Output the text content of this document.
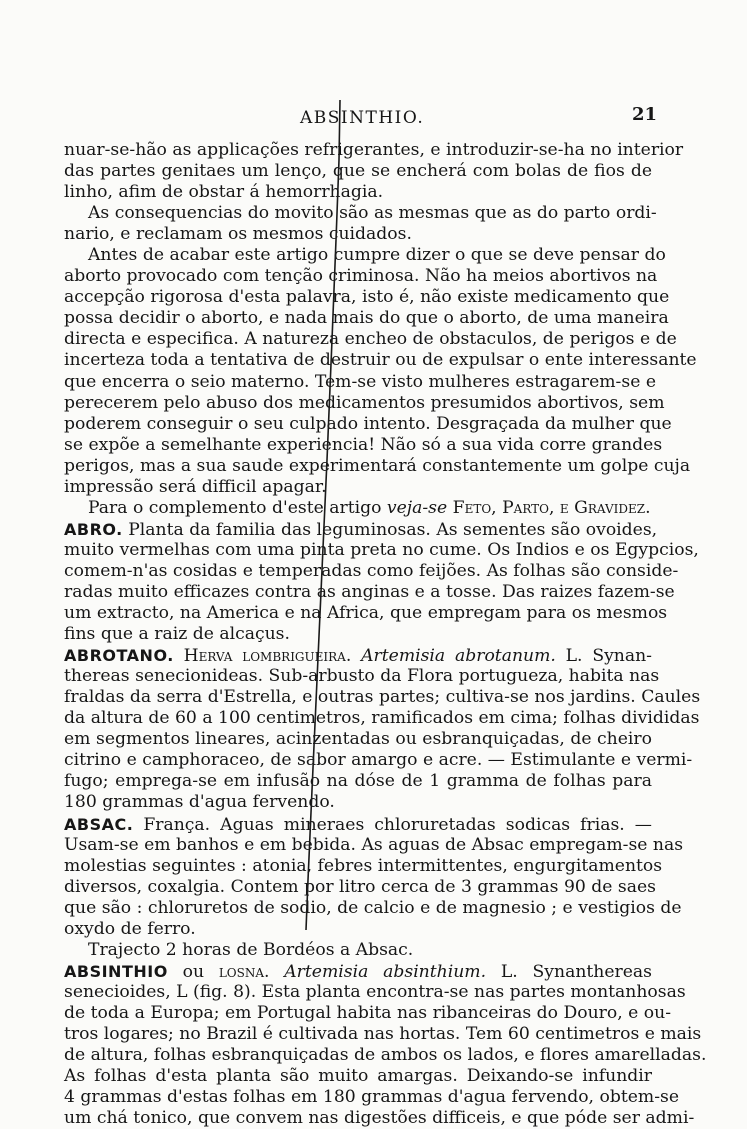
ABSINTHIO.	21
nuar-se-hão as applicações refrigerantes, e introduzir-se-ha no interior
das partes genitaes um lenço, que se encherá com bolas de fios de
linho, afim de obstar á hemorrhagia.
As consequencias do movito são as mesmas que as do parto ordi-
nario, e reclamam os mesmos cuidados.
Antes de acabar este artigo cumpre dizer o que se deve pensar do
aborto provocado com tenção criminosa. Não ha meios abortivos na
accepção rigorosa d'esta palavra, isto é, não existe medicamento que
possa decidir o aborto, e nada mais do que o aborto, de uma maneira
directa e especifica. A natureza encheo de obstaculos, de perigos e de
incerteza toda a tentativa de destruir ou de expulsar o ente interessante
que encerra o seio materno. Tem-se visto mulheres estragarem-se e
perecerem pelo abuso dos medicamentos presumidos abortivos, sem
poderem conseguir o seu culpado intento. Desgraçada da mulher que
se expõe a semelhante experiencia! Não só a sua vida corre grandes
perigos, mas a sua saude experimentará constantemente um golpe cuja
impressão será difficil apagar.
Para o complemento d'este artigo veja-se Feto, Parto, e Gravidez.
ABRO. Planta da familia das leguminosas. As sementes são ovoides,
muito vermelhas com uma pinta preta no cume. Os Indios e os Egypcios,
comem-n'as cosidas e temperadas como feijões. As folhas são conside-
radas muito efficazes contra as anginas e a tosse. Das raizes fazem-se
um extracto, na America e na Africa, que empregam para os mesmos
fins que a raiz de alcaçus.
ABROTANO. Herva lombrigueira. Artemisia abrotanum. L. Synan-
thereas senecionideas. Sub-arbusto da Flora portugueza, habita nas
fraldas da serra d'Estrella, e outras partes; cultiva-se nos jardins. Caules
da altura de 60 a 100 centimetros, ramificados em cima; folhas divididas
em segmentos lineares, acinzentadas ou esbranquiçadas, de cheiro
citrino e camphoraceo, de sabor amargo e acre. — Estimulante e vermi-
fugo; emprega-se em infusão na dóse de 1 gramma de folhas para
180 grammas d'agua fervendo.
ABSAC. França. Aguas mineraes chloruretadas sodicas frias. —
Usam-se em banhos e em bebida. As aguas de Absac empregam-se nas
molestias seguintes : atonia, febres intermittentes, engurgitamentos
diversos, coxalgia. Contem por litro cerca de 3 grammas 90 de saes
que são : chloruretos de sodio, de calcio e de magnesio ; e vestigios de
oxydo de ferro.
Trajecto 2 horas de Bordéos a Absac.
ABSINTHIO ou losna. Artemisia absinthium. L. Synanthereas
senecioides, L (fig. 8). Esta planta encontra-se nas partes montanhosas
de toda a Europa; em Portugal habita nas ribanceiras do Douro, e ou-
tros logares; no Brazil é cultivada nas hortas. Tem 60 centimetros e mais
de altura, folhas esbranquiçadas de ambos os lados, e flores amarelladas.
As folhas d'esta planta são muito amargas. Deixando-se infundir
4 grammas d'estas folhas em 180 grammas d'agua fervendo, obtem-se
um chá tonico, que convem nas digestões difficeis, e que póde ser admi-
